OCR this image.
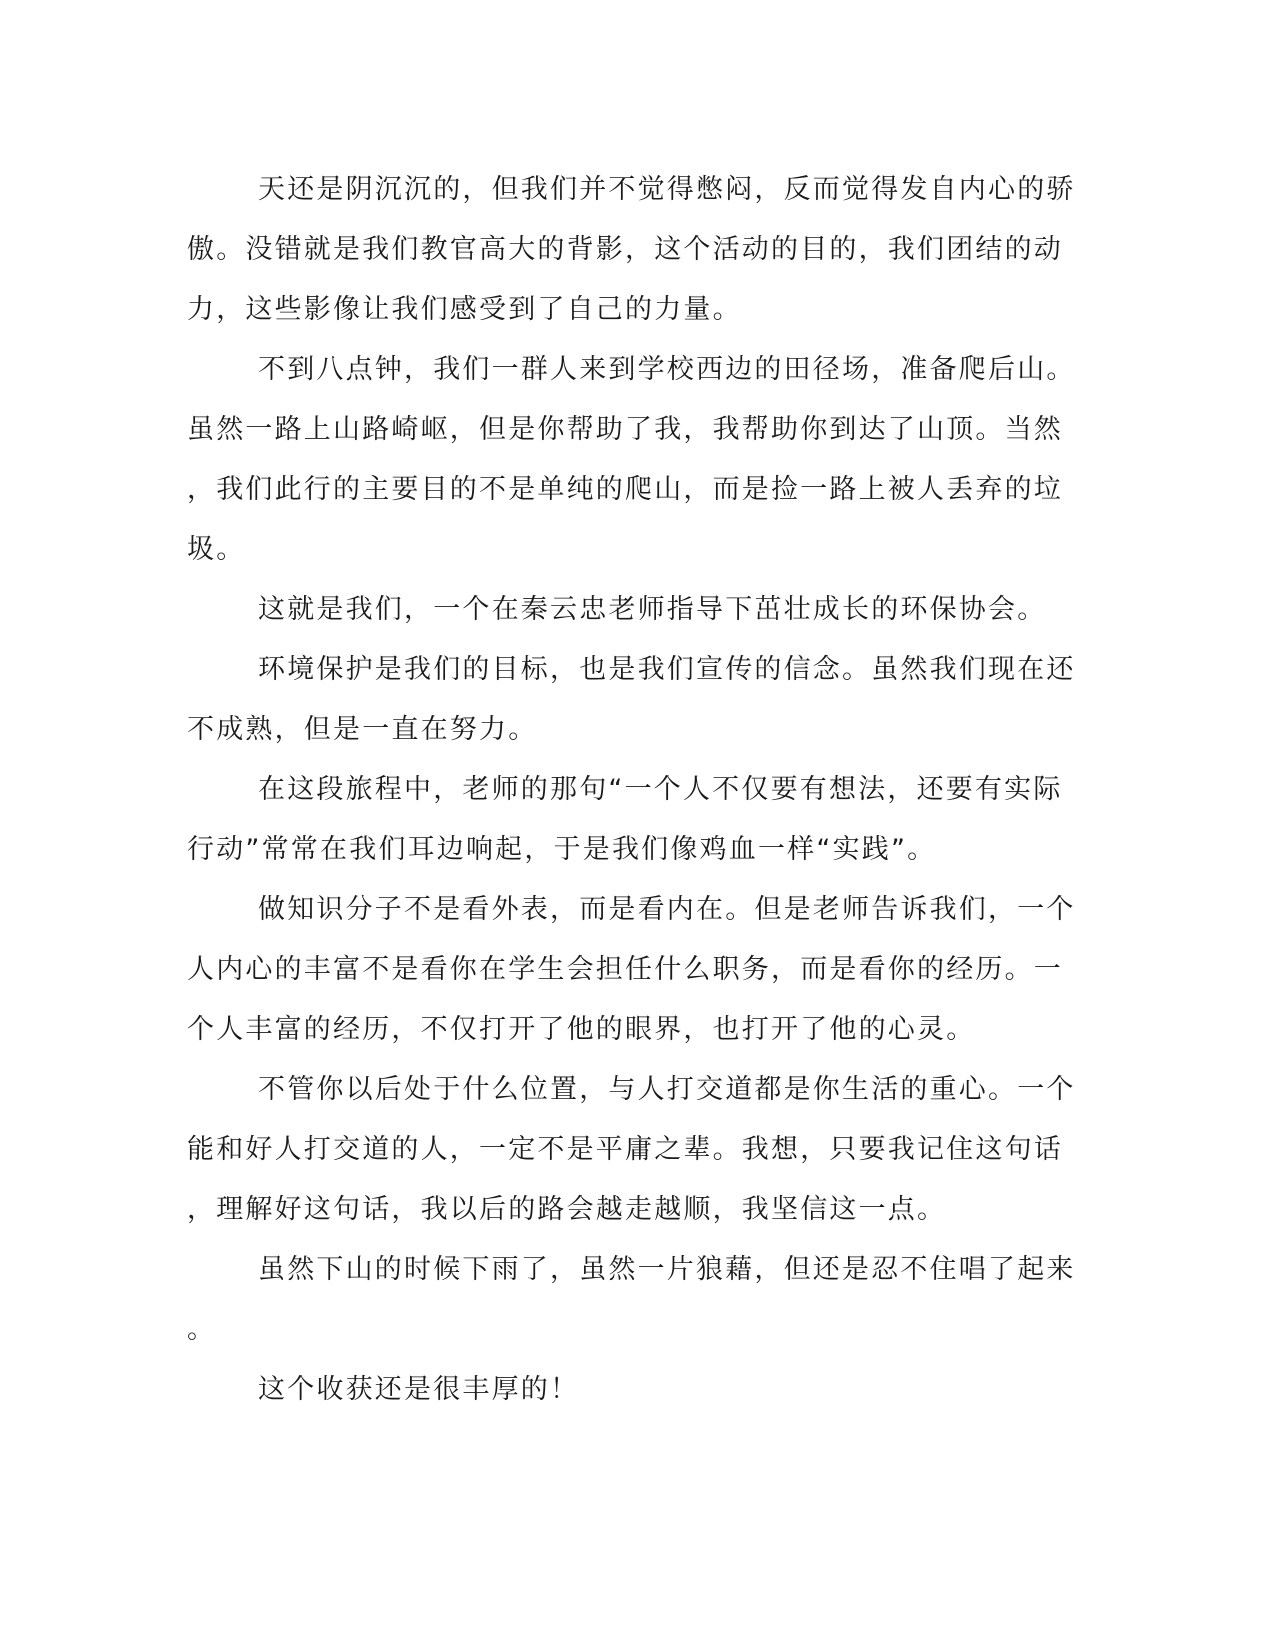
天还是阴沉沉的，但我们并不觉得憋闷，反而觉得发自内心的骄
傲。没错就是我们教官高大的背影，这个活动的目的，我们团结的动
力，这些影像让我们感受到了自己的力量。

不到八点钟，我们一群人来到学校西边的田径场，准备爬后山。
虽然一路上山路崎岖，但是你帮助了我，我帮助你到达了山顶。当然
，我们此行的主要目的不是单纯的爬山，而是捡一路上被人丢弃的垃
圾。

这就是我们，一个在秦云忠老师指导下茁壮成长的环保协会。

环境保护是我们的目标，也是我们宣传的信念。虽然我们现在还
不成熟，但是一直在努力。

在这段旅程中，老师的那句“一个人不仅要有想法，还要有实际
行动”常常在我们耳边响起，于是我们像鸡血一样“实践”。

做知识分子不是看外表，而是看内在。但是老师告诉我们，一个
人内心的丰富不是看你在学生会担任什么职务，而是看你的经历。一
个人丰富的经历，不仅打开了他的眼界，也打开了他的心灵。

不管你以后处于什么位置，与人打交道都是你生活的重心。一个
能和好人打交道的人，一定不是平庸之辈。我想，只要我记住这句话
，理解好这句话，我以后的路会越走越顺，我坚信这一点。

虽然下山的时候下雨了，虽然一片狼藉，但还是忍不住唱了起来
。

这个收获还是很丰厚的！
